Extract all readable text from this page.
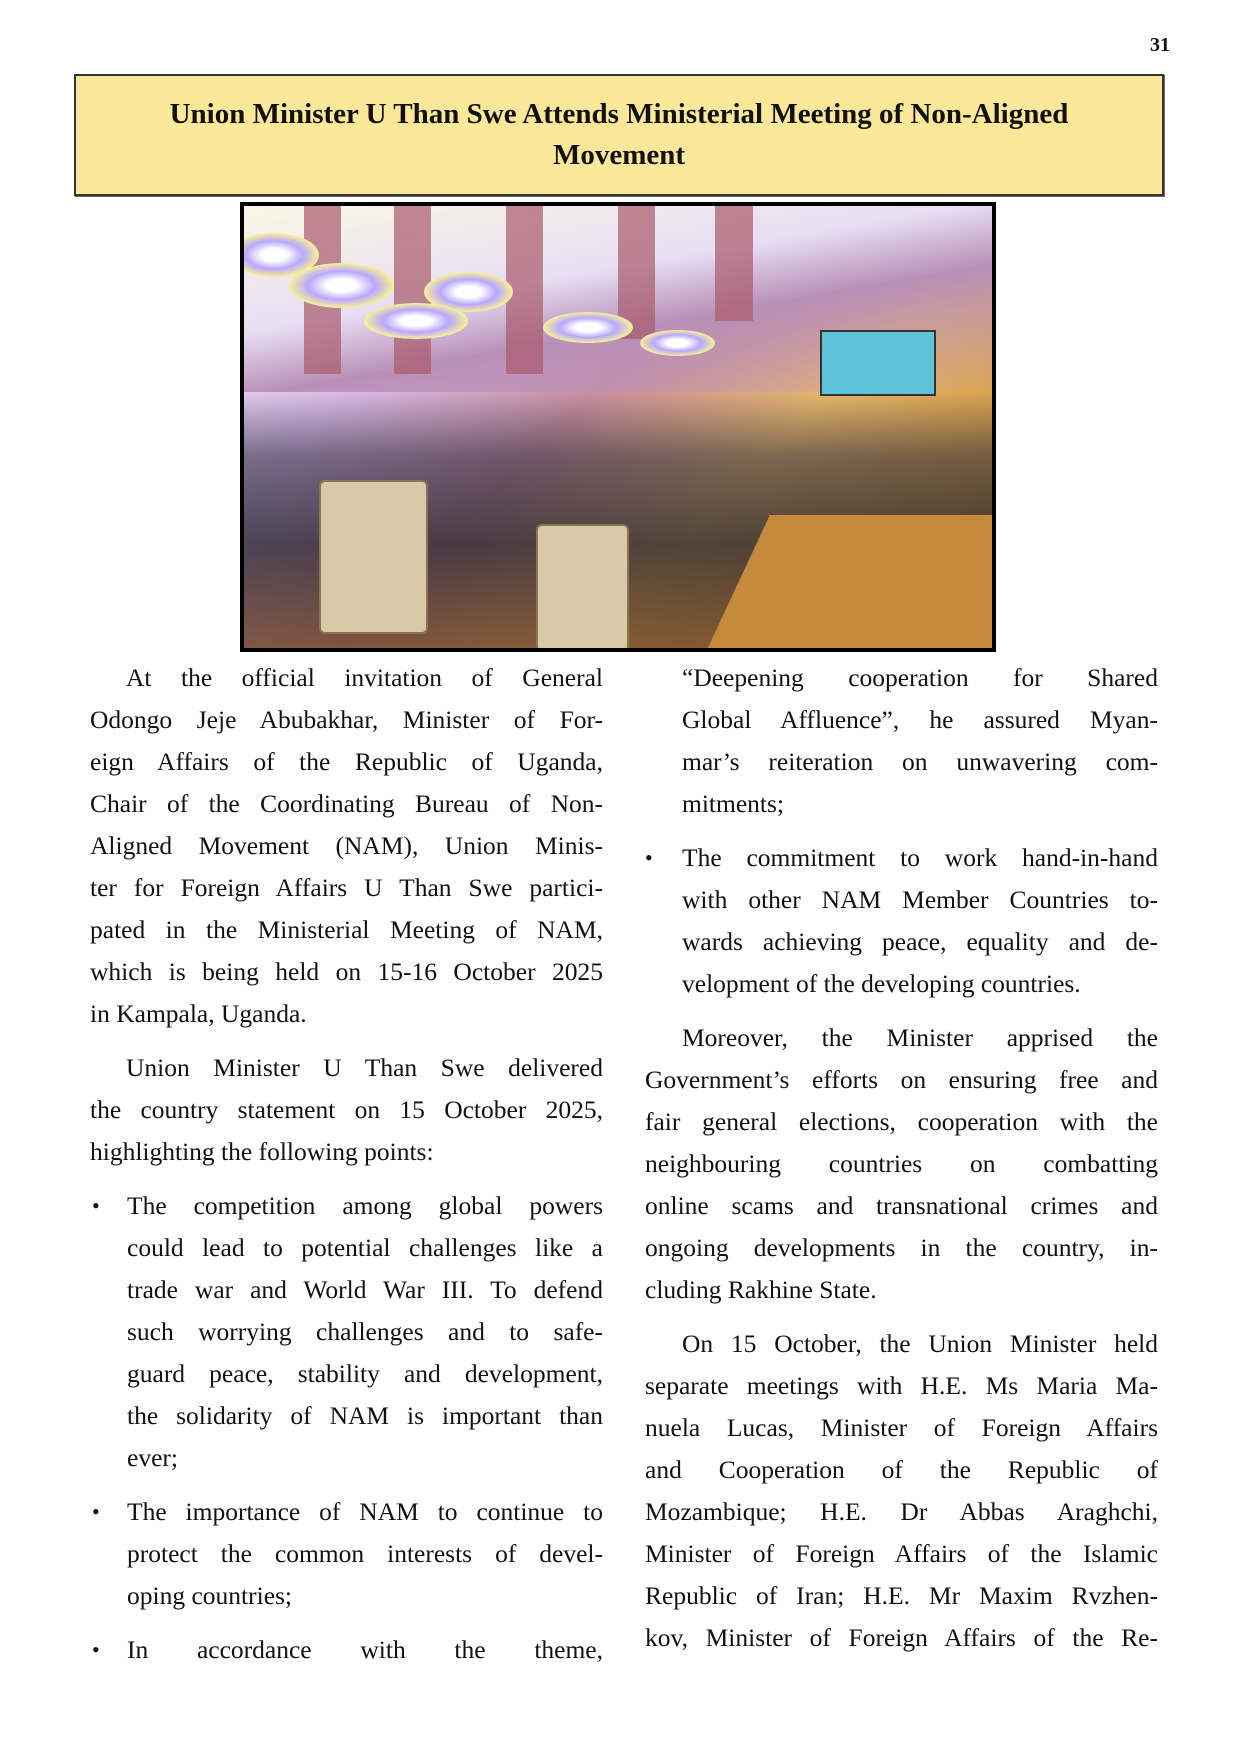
31
Union Minister U Than Swe Attends Ministerial Meeting of Non-Aligned
Movement
At the official invitation of General
Odongo Jeje Abubakhar, Minister of For-
eign Affairs of the Republic of Uganda,
Chair of the Coordinating Bureau of Non-
Aligned Movement (NAM), Union Minis-
ter for Foreign Affairs U Than Swe partici-
pated in the Ministerial Meeting of NAM,
which is being held on 15-16 October 2025
in Kampala, Uganda.
Union Minister U Than Swe delivered
the country statement on 15 October 2025,
highlighting the following points:
• The competition among global powers
could lead to potential challenges like a
trade war and World War III. To defend
such worrying challenges and to safe-
guard peace, stability and development,
the solidarity of NAM is important than
ever;
• The importance of NAM to continue to
protect the common interests of devel-
oping countries;
• In accordance with the theme,
“Deepening cooperation for Shared
Global Affluence”, he assured Myan-
mar’s reiteration on unwavering com-
mitments;
• The commitment to work hand-in-hand
with other NAM Member Countries to-
wards achieving peace, equality and de-
velopment of the developing countries.
Moreover, the Minister apprised the
Government’s efforts on ensuring free and
fair general elections, cooperation with the
neighbouring countries on combatting
online scams and transnational crimes and
ongoing developments in the country, in-
cluding Rakhine State.
On 15 October, the Union Minister held
separate meetings with H.E. Ms Maria Ma-
nuela Lucas, Minister of Foreign Affairs
and Cooperation of the Republic of
Mozambique; H.E. Dr Abbas Araghchi,
Minister of Foreign Affairs of the Islamic
Republic of Iran; H.E. Mr Maxim Rvzhen-
kov, Minister of Foreign Affairs of the Re-
